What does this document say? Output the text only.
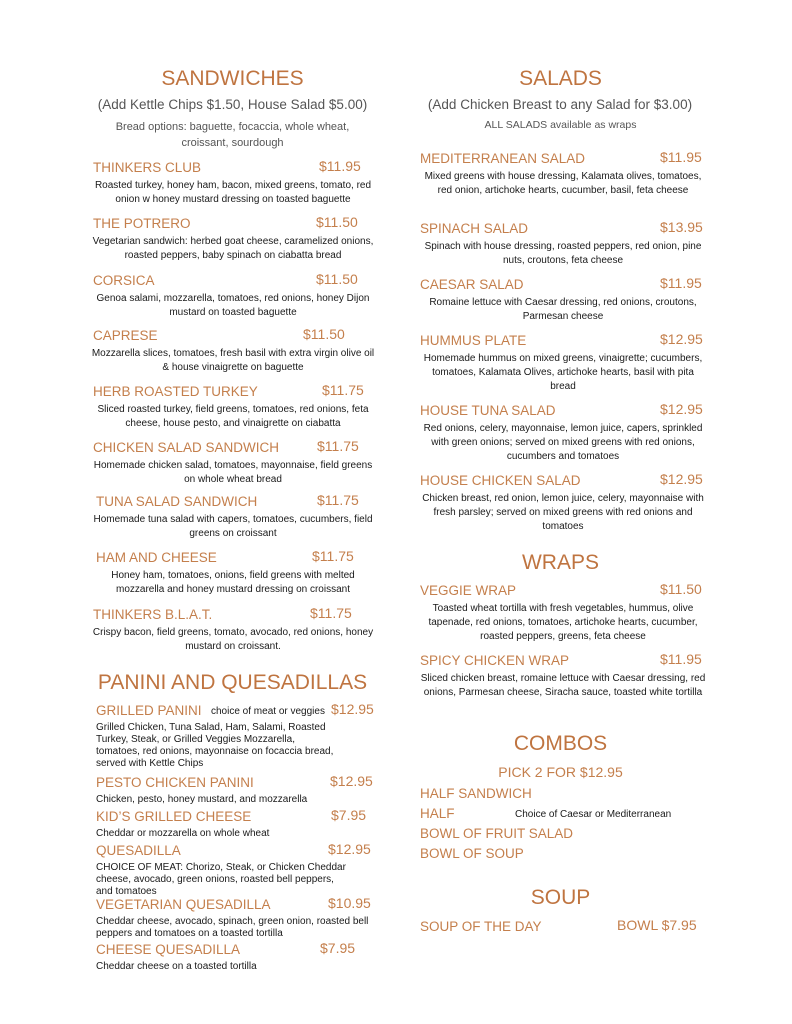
SANDWICHES
(Add Kettle Chips $1.50, House Salad $5.00)
Bread options: baguette, focaccia, whole wheat, croissant, sourdough
THINKERS CLUB	$11.95
Roasted turkey, honey ham, bacon, mixed greens, tomato, red onion w honey mustard dressing on toasted baguette
THE POTRERO	$11.50
Vegetarian sandwich: herbed goat cheese, caramelized onions, roasted peppers, baby spinach on ciabatta bread
CORSICA	$11.50
Genoa salami, mozzarella, tomatoes, red onions, honey Dijon mustard on toasted baguette
CAPRESE	$11.50
Mozzarella slices, tomatoes, fresh basil with extra virgin olive oil & house vinaigrette on baguette
HERB ROASTED TURKEY	$11.75
Sliced roasted turkey, field greens, tomatoes, red onions, feta cheese, house pesto, and vinaigrette on ciabatta
CHICKEN SALAD SANDWICH	$11.75
Homemade chicken salad, tomatoes, mayonnaise, field greens on whole wheat bread
TUNA SALAD SANDWICH	$11.75
Homemade tuna salad with capers, tomatoes, cucumbers, field greens on croissant
HAM AND CHEESE	$11.75
Honey ham, tomatoes, onions, field greens with melted mozzarella and honey mustard dressing on croissant
THINKERS B.L.A.T.	$11.75
Crispy bacon, field greens, tomato, avocado, red onions, honey mustard on croissant.
PANINI AND QUESADILLAS
GRILLED PANINI choice of meat or veggies $12.95
Grilled Chicken, Tuna Salad, Ham, Salami, Roasted Turkey, Steak, or Grilled Veggies Mozzarella, tomatoes, red onions, mayonnaise on focaccia bread, served with Kettle Chips
PESTO CHICKEN PANINI	$12.95
Chicken, pesto, honey mustard, and mozzarella
KID’S GRILLED CHEESE	$7.95
Cheddar or mozzarella on whole wheat
QUESADILLA	$12.95
CHOICE OF MEAT: Chorizo, Steak, or Chicken Cheddar cheese, avocado, green onions, roasted bell peppers, and tomatoes
VEGETARIAN QUESADILLA	$10.95
Cheddar cheese, avocado, spinach, green onion, roasted bell peppers and tomatoes on a toasted tortilla
CHEESE QUESADILLA	$7.95
Cheddar cheese on a toasted tortilla
SALADS
(Add Chicken Breast to any Salad for $3.00)
ALL SALADS available as wraps
MEDITERRANEAN SALAD	$11.95
Mixed greens with house dressing, Kalamata olives, tomatoes, red onion, artichoke hearts, cucumber, basil, feta cheese
SPINACH SALAD	$13.95
Spinach with house dressing, roasted peppers, red onion, pine nuts, croutons, feta cheese
CAESAR SALAD	$11.95
Romaine lettuce with Caesar dressing, red onions, croutons, Parmesan cheese
HUMMUS PLATE	$12.95
Homemade hummus on mixed greens, vinaigrette; cucumbers, tomatoes, Kalamata Olives, artichoke hearts, basil with pita bread
HOUSE TUNA SALAD	$12.95
Red onions, celery, mayonnaise, lemon juice, capers, sprinkled with green onions; served on mixed greens with red onions, cucumbers and tomatoes
HOUSE CHICKEN SALAD	$12.95
Chicken breast, red onion, lemon juice, celery, mayonnaise with fresh parsley; served on mixed greens with red onions and tomatoes
WRAPS
VEGGIE WRAP	$11.50
Toasted wheat tortilla with fresh vegetables, hummus, olive tapenade, red onions, tomatoes, artichoke hearts, cucumber, roasted peppers, greens, feta cheese
SPICY CHICKEN WRAP	$11.95
Sliced chicken breast, romaine lettuce with Caesar dressing, red onions, Parmesan cheese, Siracha sauce, toasted white tortilla
COMBOS
PICK 2 FOR $12.95
HALF SANDWICH
HALF	Choice of Caesar or Mediterranean
BOWL OF FRUIT SALAD
BOWL OF SOUP
SOUP
SOUP OF THE DAY	BOWL $7.95
